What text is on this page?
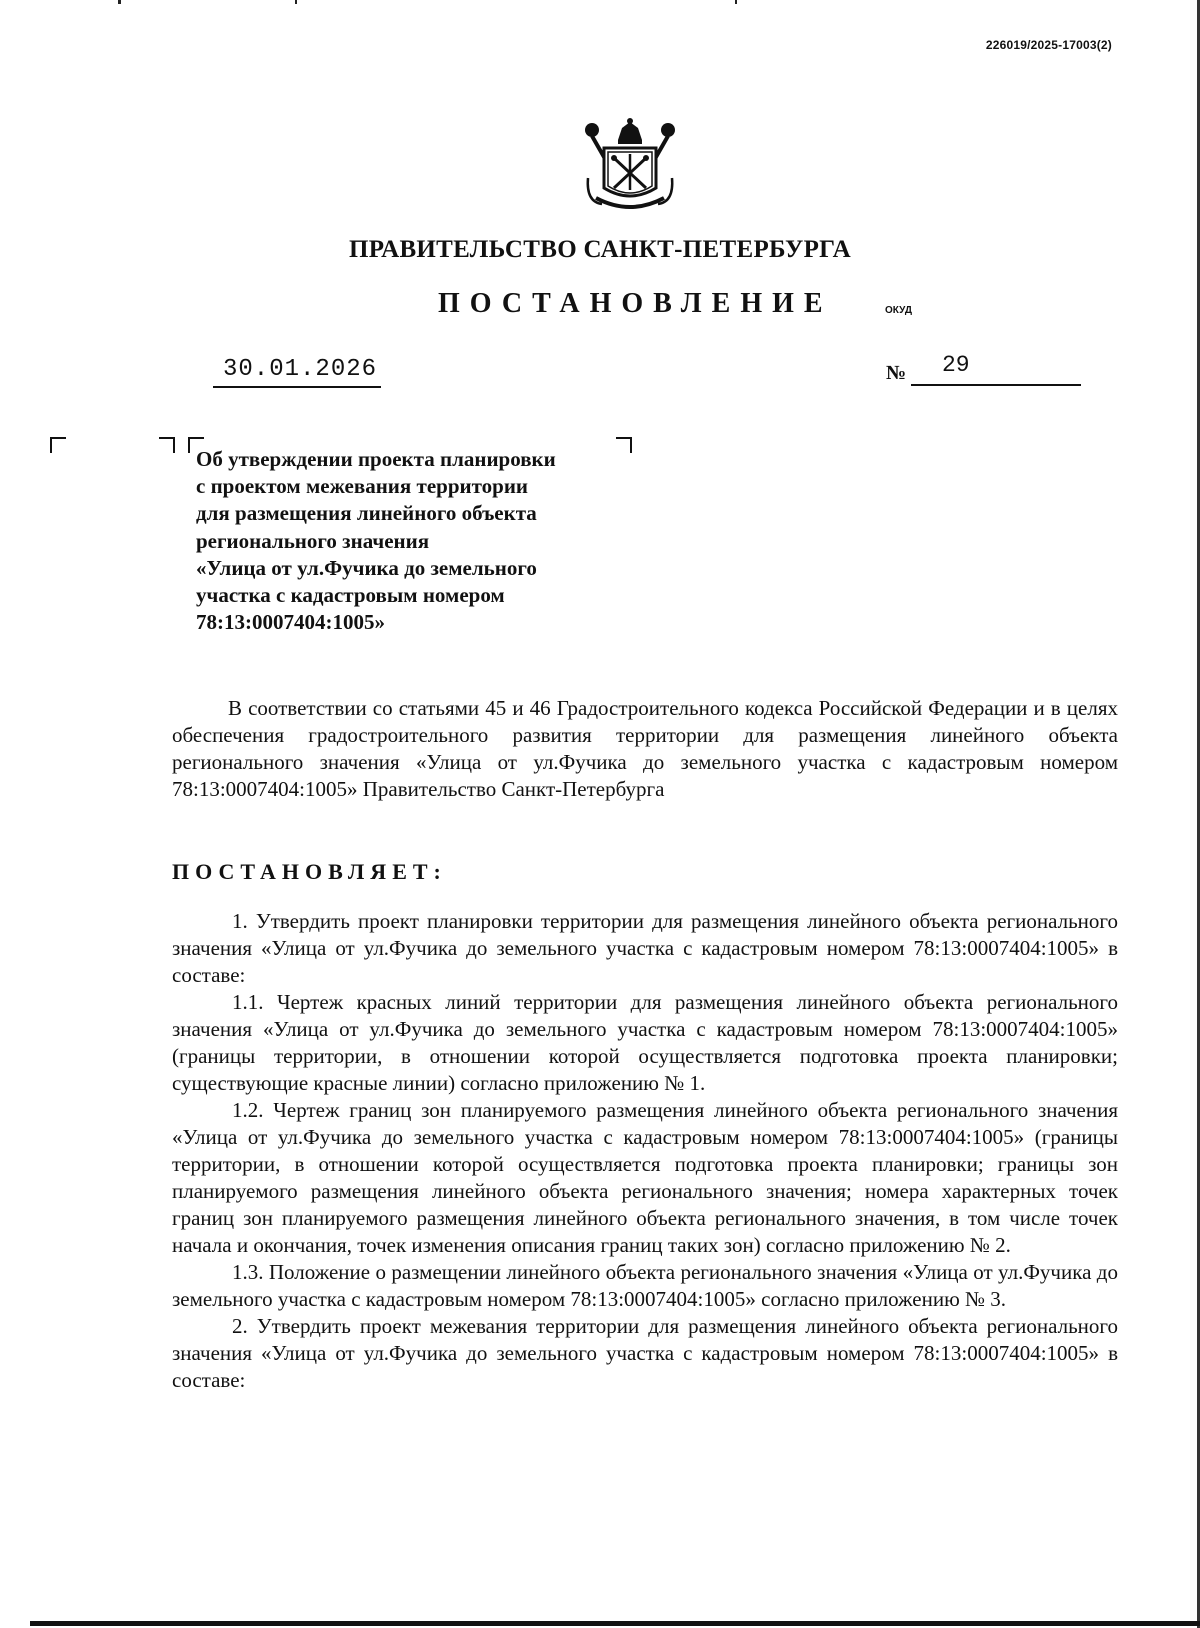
226019/2025-17003(2)
ПРАВИТЕЛЬСТВО САНКТ-ПЕТЕРБУРГА
ПОСТАНОВЛЕНИЕ	ОКУД
30.01.2026	№ 29
Об утверждении проекта планировки
с проектом межевания территории
для размещения линейного объекта
регионального значения
«Улица от ул.Фучика до земельного
участка с кадастровым номером
78:13:0007404:1005»

В соответствии со статьями 45 и 46 Градостроительного кодекса Российской Федерации и в целях обеспечения градостроительного развития территории для размещения линейного объекта регионального значения «Улица от ул.Фучика до земельного участка с кадастровым номером 78:13:0007404:1005» Правительство Санкт-Петербурга

ПОСТАНОВЛЯЕТ:

1. Утвердить проект планировки территории для размещения линейного объекта регионального значения «Улица от ул.Фучика до земельного участка с кадастровым номером 78:13:0007404:1005» в составе:

1.1. Чертеж красных линий территории для размещения линейного объекта регионального значения «Улица от ул.Фучика до земельного участка с кадастровым номером 78:13:0007404:1005» (границы территории, в отношении которой осуществляется подготовка проекта планировки; существующие красные линии) согласно приложению № 1.

1.2. Чертеж границ зон планируемого размещения линейного объекта регионального значения «Улица от ул.Фучика до земельного участка с кадастровым номером 78:13:0007404:1005» (границы территории, в отношении которой осуществляется подготовка проекта планировки; границы зон планируемого размещения линейного объекта регионального значения; номера характерных точек границ зон планируемого размещения линейного объекта регионального значения, в том числе точек начала и окончания, точек изменения описания границ таких зон) согласно приложению № 2.

1.3. Положение о размещении линейного объекта регионального значения «Улица от ул.Фучика до земельного участка с кадастровым номером 78:13:0007404:1005» согласно приложению № 3.

2. Утвердить проект межевания территории для размещения линейного объекта регионального значения «Улица от ул.Фучика до земельного участка с кадастровым номером 78:13:0007404:1005» в составе:
